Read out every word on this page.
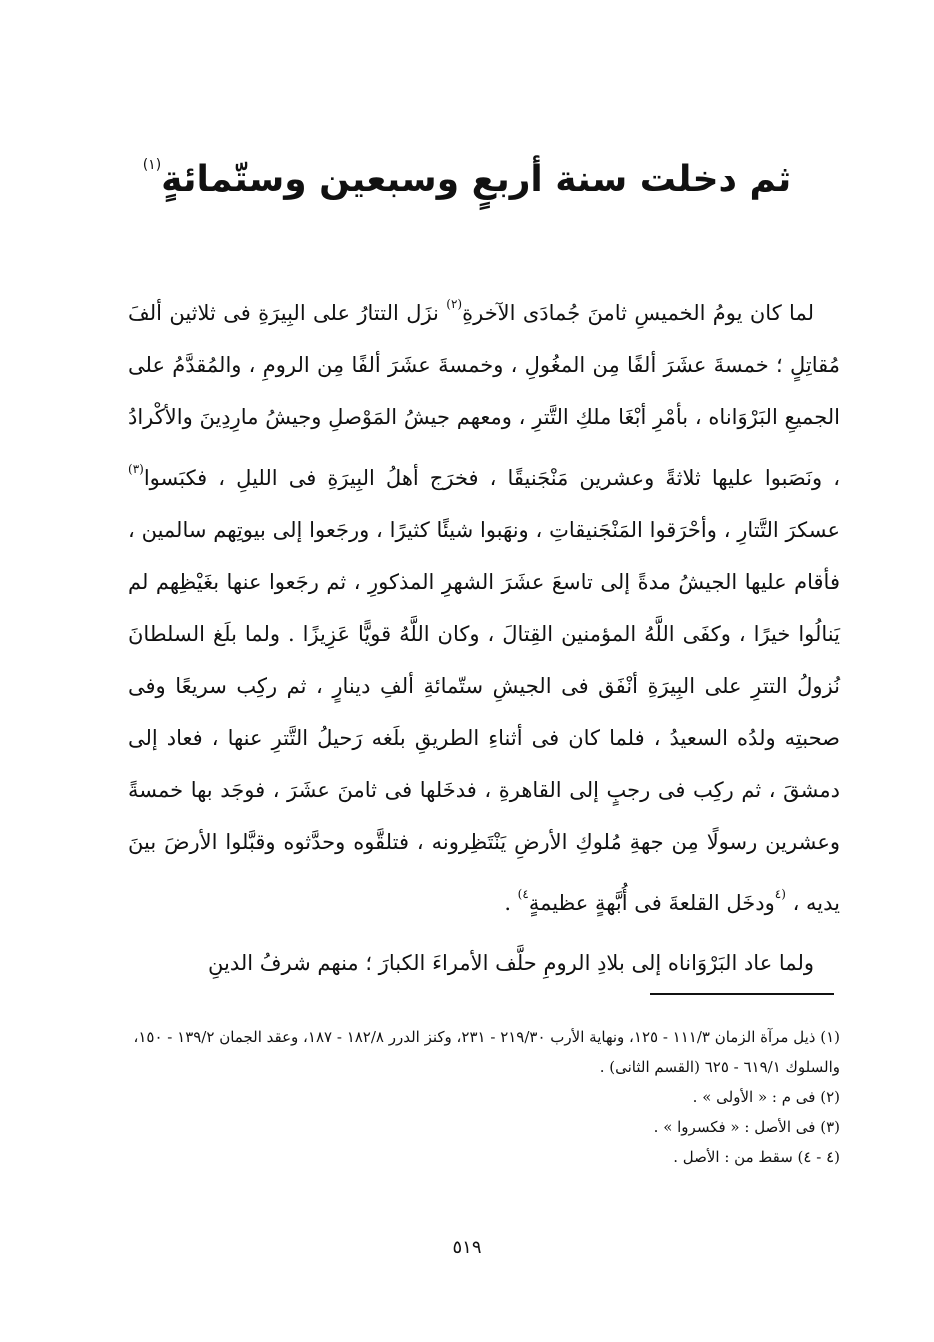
ثم دخلت سنة أربعٍ وسبعين وستّمائةٍ$^{(١)}$

لما كان يومُ الخميسِ ثامنَ جُمادَى الآخرةِ$^{(٢)}$ نزَل التتارُ على البِيرَةِ فى ثلاثين ألفَ مُقاتِلٍ ؛ خمسةَ عشَرَ ألفًا مِن المغُولِ ، وخمسةَ عشَرَ ألفًا مِن الرومِ ، والمُقدَّمُ على الجميعِ البَرْوَاناه ، بأمْرِ أبْغَا ملكِ التَّترِ ، ومعهم جيشُ المَوْصلِ وجيشُ مارِدِينَ والأكْرادُ ، ونَصَبوا عليها ثلاثةً وعشرين مَنْجَنيقًا ، فخرَج أهلُ البِيرَةِ فى الليلِ ، فكبَسوا$^{(٣)}$ عسكرَ التَّتارِ ، وأحْرَقوا المَنْجَنيقاتِ ، ونهَبوا شيئًا كثيرًا ، ورجَعوا إلى بيوتِهم سالمين ، فأقام عليها الجيشُ مدةً إلى تاسعَ عشَرَ الشهرِ المذكورِ ، ثم رجَعوا عنها بغَيْظِهم لم يَنالُوا خيرًا ، وكفَى اللَّهُ المؤمنين القِتالَ ، وكان اللَّهُ قويًّا عَزِيزًا . ولما بلَغ السلطانَ نُزولُ التترِ على البِيرَةِ أنْفَق فى الجيشِ ستّمائةِ ألفِ دينارٍ ، ثم ركِب سريعًا وفى صحبتِه ولدُه السعيدُ ، فلما كان فى أثناءِ الطريقِ بلَغه رَحيلُ التَّترِ عنها ، فعاد إلى دمشقَ ، ثم ركِب فى رجبٍ إلى القاهرةِ ، فدخَلها فى ثامنَ عشَرَ ، فوجَد بها خمسةً وعشرين رسولًا مِن جهةِ مُلوكِ الأرضِ يَنْتَظِرونه ، فتلقَّوه وحدَّثوه وقبَّلوا الأرضَ بينَ يديه ، $^{(٤}$ودخَل القلعةَ فى أُبَّهةٍ عظيمةٍ$^{٤)}$ .

ولما عاد البَرْوَاناه إلى بلادِ الرومِ حلَّف الأمراءَ الكبارَ ؛ منهم شرفُ الدينِ

(١) ذيل مرآة الزمان ١١١/٣ - ١٢٥، ونهاية الأرب ٢١٩/٣٠ - ٢٣١، وكنز الدرر ١٨٢/٨ - ١٨٧، وعقد الجمان ١٣٩/٢ - ١٥٠، والسلوك ٦١٩/١ - ٦٢٥ (القسم الثانى) .
(٢) فى م : « الأولى » .
(٣) فى الأصل : « فكسروا » .
(٤ - ٤) سقط من : الأصل .
٥١٩
